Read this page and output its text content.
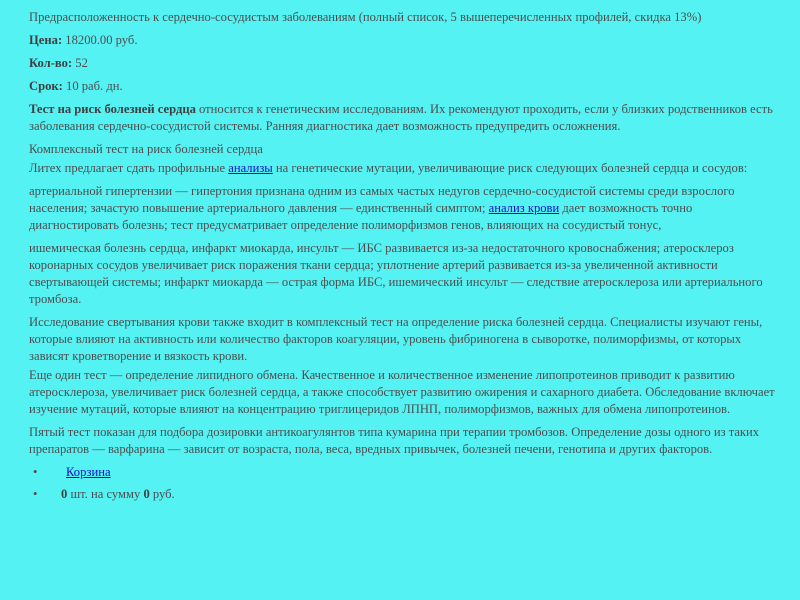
Предрасположенность к сердечно-сосудистым заболеваниям (полный список, 5 вышеперечисленных профилей, скидка 13%)

Цена: 18200.00 руб.

Кол-во: 52

Срок: 10 раб. дн.

Тест на риск болезней сердца относится к генетическим исследованиям. Их рекомендуют проходить, если у близких родственников есть заболевания сердечно-сосудистой системы. Ранняя диагностика дает возможность предупредить осложнения.

Комплексный тест на риск болезней сердца

Литех предлагает сдать профильные анализы на генетические мутации, увеличивающие риск следующих болезней сердца и сосудов:

артериальной гипертензии — гипертония признана одним из самых частых недугов сердечно-сосудистой системы среди взрослого населения; зачастую повышение артериального давления — единственный симптом; анализ крови дает возможность точно диагностировать болезнь; тест предусматривает определение полиморфизмов генов, влияющих на сосудистый тонус,

ишемическая болезнь сердца, инфаркт миокарда, инсульт — ИБС развивается из-за недостаточного кровоснабжения; атеросклероз коронарных сосудов увеличивает риск поражения ткани сердца; уплотнение артерий развивается из-за увеличенной активности свертывающей системы; инфаркт миокарда — острая форма ИБС, ишемический инсульт — следствие атеросклероза или артериального тромбоза.

Исследование свертывания крови также входит в комплексный тест на определение риска болезней сердца. Специалисты изучают гены, которые влияют на активность или количество факторов коагуляции, уровень фибриногена в сыворотке, полиморфизмы, от которых зависят кроветворение и вязкость крови.

Еще один тест — определение липидного обмена. Качественное и количественное изменение липопротеинов приводит к развитию атеросклероза, увеличивает риск болезней сердца, а также способствует развитию ожирения и сахарного диабета. Обследование включает изучение мутаций, которые влияют на концентрацию триглицеридов ЛПНП, полиморфизмов, важных для обмена липопротеинов.

Пятый тест показан для подбора дозировки антикоагулянтов типа кумарина при терапии тромбозов. Определение дозы одного из таких препаратов — варфарина — зависит от возраста, пола, веса, вредных привычек, болезней печени, генотипа и других факторов.

• Корзина
• 0 шт. на сумму 0 руб.
